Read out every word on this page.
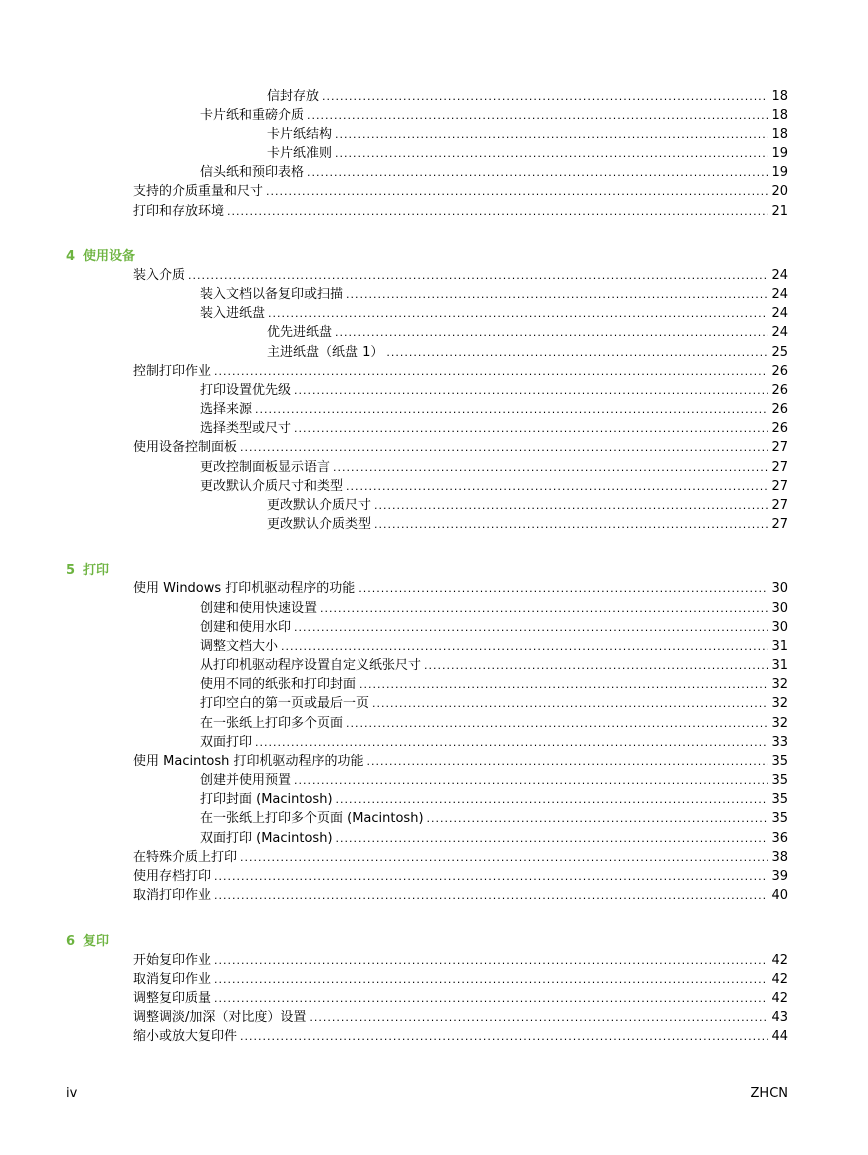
信封存放 .....	18
卡片纸和重磅介质 .....	18
卡片纸结构 .....	18
卡片纸准则 .....	19
信头纸和预印表格 .....	19
支持的介质重量和尺寸 .....	20
打印和存放环境 .....	21
4 使用设备
装入介质 .....	24
装入文档以备复印或扫描 .....	24
装入进纸盘 .....	24
优先进纸盘 .....	24
主进纸盘（纸盘 1） .....	25
控制打印作业 .....	26
打印设置优先级 .....	26
选择来源 .....	26
选择类型或尺寸 .....	26
使用设备控制面板 .....	27
更改控制面板显示语言 .....	27
更改默认介质尺寸和类型 .....	27
更改默认介质尺寸 .....	27
更改默认介质类型 .....	27
5 打印
使用 Windows 打印机驱动程序的功能 .....	30
创建和使用快速设置 .....	30
创建和使用水印 .....	30
调整文档大小 .....	31
从打印机驱动程序设置自定义纸张尺寸 .....	31
使用不同的纸张和打印封面 .....	32
打印空白的第一页或最后一页 .....	32
在一张纸上打印多个页面 .....	32
双面打印 .....	33
使用 Macintosh 打印机驱动程序的功能 .....	35
创建并使用预置 .....	35
打印封面 (Macintosh) .....	35
在一张纸上打印多个页面 (Macintosh) .....	35
双面打印 (Macintosh) .....	36
在特殊介质上打印 .....	38
使用存档打印 .....	39
取消打印作业 .....	40
6 复印
开始复印作业 .....	42
取消复印作业 .....	42
调整复印质量 .....	42
调整调淡/加深（对比度）设置 .....	43
缩小或放大复印件 .....	44
iv	ZHCN
